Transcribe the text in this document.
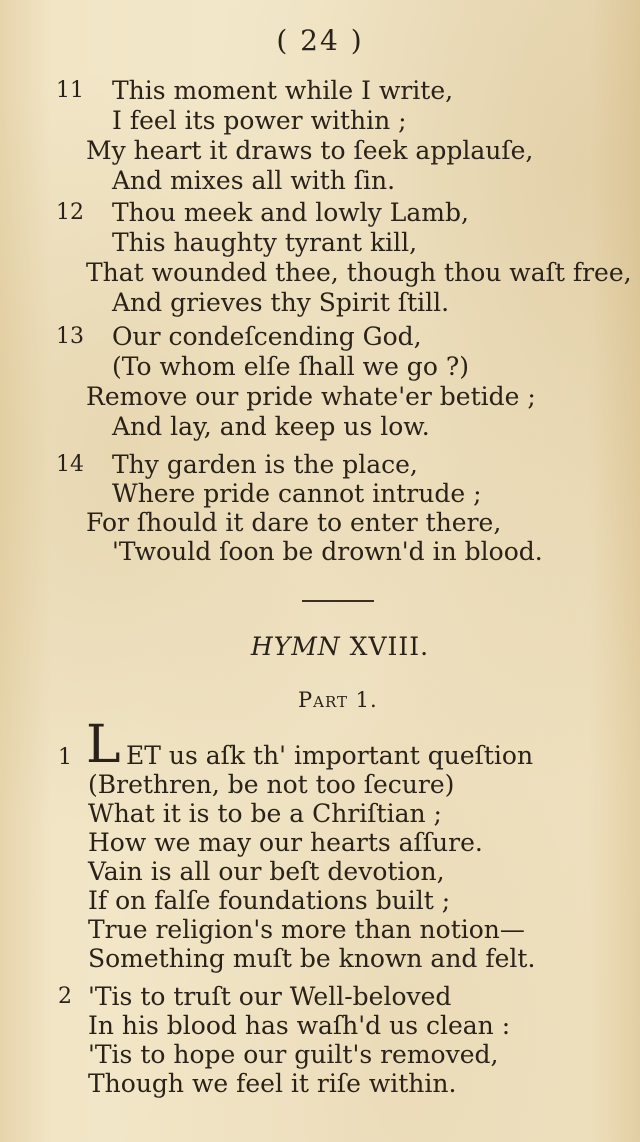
( 24 )
11 This moment while I write,
I feel its power within ;
My heart it draws to ſeek applauſe,
And mixes all with ſin.
12 Thou meek and lowly Lamb,
This haughty tyrant kill,
That wounded thee, though thou waſt free,
And grieves thy Spirit ſtill.
13 Our condeſcending God,
(To whom elſe ſhall we go ?)
Remove our pride whate'er betide ;
And lay, and keep us low.
14 Thy garden is the place,
Where pride cannot intrude ;
For ſhould it dare to enter there,
'Twould ſoon be drown'd in blood.
HYMN XVIII.
Part 1.
1 L ET us aſk th' important queſtion
(Brethren, be not too ſecure)
What it is to be a Chriſtian ;
How we may our hearts aſſure.
Vain is all our beſt devotion,
If on falſe foundations built ;
True religion's more than notion—
Something muſt be known and felt.
2 'Tis to truſt our Well-beloved
In his blood has waſh'd us clean :
'Tis to hope our guilt's removed,
Though we feel it riſe within.
